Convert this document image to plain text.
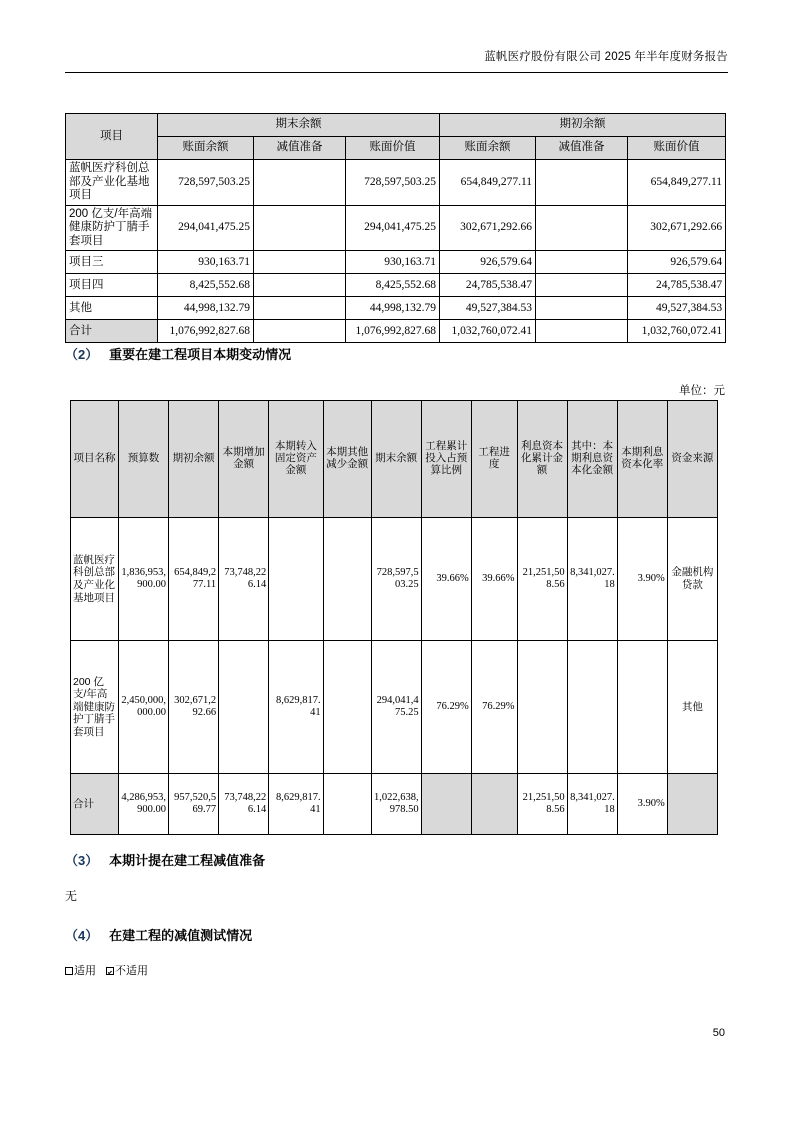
蓝帆医疗股份有限公司 2025 年半年度财务报告
项目	期末余额			期初余额		
	账面余额	减值准备	账面价值	账面余额	减值准备	账面价值
蓝帆医疗科创总部及产业化基地项目	728,597,503.25		728,597,503.25	654,849,277.11		654,849,277.11
200 亿支/年高端健康防护丁腈手套项目	294,041,475.25		294,041,475.25	302,671,292.66		302,671,292.66
项目三	930,163.71		930,163.71	926,579.64		926,579.64
项目四	8,425,552.68		8,425,552.68	24,785,538.47		24,785,538.47
其他	44,998,132.79		44,998,132.79	49,527,384.53		49,527,384.53
合计	1,076,992,827.68		1,076,992,827.68	1,032,760,072.41		1,032,760,072.41
（2） 重要在建工程项目本期变动情况
单位：元
项目名称	预算数	期初余额	本期增加金额	本期转入固定资产金额	本期其他减少金额	期末余额	工程累计投入占预算比例	工程进度	利息资本化累计金额	其中：本期利息资本化金额	本期利息资本化率	资金来源
蓝帆医疗科创总部及产业化基地项目	1,836,953,900.00	654,849,277.11	73,748,226.14			728,597,503.25	39.66%	39.66%	21,251,508.56	8,341,027.18	3.90%	金融机构贷款
200 亿支/年高端健康防护丁腈手套项目	2,450,000,000.00	302,671,292.66		8,629,817.41		294,041,475.25	76.29%	76.29%				其他
合计	4,286,953,900.00	957,520,569.77	73,748,226.14	8,629,817.41		1,022,638,978.50			21,251,508.56	8,341,027.18	3.90%	
（3） 本期计提在建工程减值准备
无
（4） 在建工程的减值测试情况
适用	不适用
50
